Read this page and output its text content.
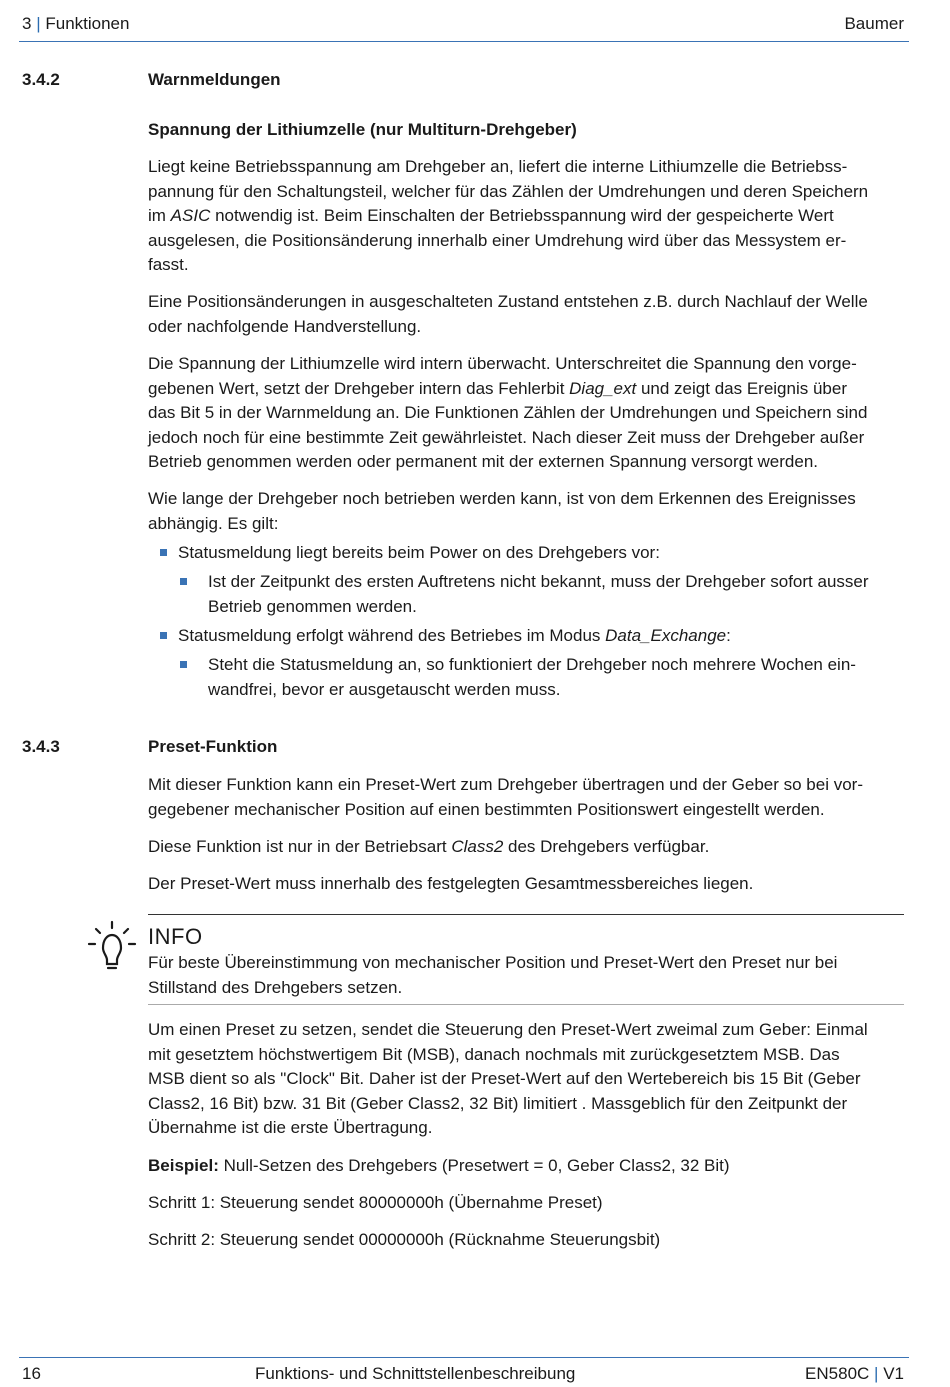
3 | Funktionen	Baumer
3.4.2	Warnmeldungen
Spannung der Lithiumzelle (nur Multiturn-Drehgeber)
Liegt keine Betriebsspannung am Drehgeber an, liefert die interne Lithiumzelle die Betriebss-
pannung für den Schaltungsteil, welcher für das Zählen der Umdrehungen und deren Speichern
im ASIC notwendig ist. Beim Einschalten der Betriebsspannung wird der gespeicherte Wert
ausgelesen, die Positionsänderung innerhalb einer Umdrehung wird über das Messystem er-
fasst.
Eine Positionsänderungen in ausgeschalteten Zustand entstehen z.B. durch Nachlauf der Welle
oder nachfolgende Handverstellung.
Die Spannung der Lithiumzelle wird intern überwacht. Unterschreitet die Spannung den vorge-
gebenen Wert, setzt der Drehgeber intern das Fehlerbit Diag_ext und zeigt das Ereignis über
das Bit 5 in der Warnmeldung an. Die Funktionen Zählen der Umdrehungen und Speichern sind
jedoch noch für eine bestimmte Zeit gewährleistet. Nach dieser Zeit muss der Drehgeber außer
Betrieb genommen werden oder permanent mit der externen Spannung versorgt werden.
Wie lange der Drehgeber noch betrieben werden kann, ist von dem Erkennen des Ereignisses
abhängig. Es gilt:
Statusmeldung liegt bereits beim Power on des Drehgebers vor:
Ist der Zeitpunkt des ersten Auftretens nicht bekannt, muss der Drehgeber sofort ausser
Betrieb genommen werden.
Statusmeldung erfolgt während des Betriebes im Modus Data_Exchange:
Steht die Statusmeldung an, so funktioniert der Drehgeber noch mehrere Wochen ein-
wandfrei, bevor er ausgetauscht werden muss.
3.4.3	Preset-Funktion
Mit dieser Funktion kann ein Preset-Wert zum Drehgeber übertragen und der Geber so bei vor-
gegebener mechanischer Position auf einen bestimmten Positionswert eingestellt werden.
Diese Funktion ist nur in der Betriebsart Class2 des Drehgebers verfügbar.
Der Preset-Wert muss innerhalb des festgelegten Gesamtmessbereiches liegen.
INFO
Für beste Übereinstimmung von mechanischer Position und Preset-Wert den Preset nur bei
Stillstand des Drehgebers setzen.
Um einen Preset zu setzen, sendet die Steuerung den Preset-Wert zweimal zum Geber: Einmal
mit gesetztem höchstwertigem Bit (MSB), danach nochmals mit zurückgesetztem MSB. Das
MSB dient so als "Clock" Bit. Daher ist der Preset-Wert auf den Wertebereich bis 15 Bit (Geber
Class2, 16 Bit) bzw. 31 Bit (Geber Class2, 32 Bit) limitiert . Massgeblich für den Zeitpunkt der
Übernahme ist die erste Übertragung.
Beispiel: Null-Setzen des Drehgebers (Presetwert = 0, Geber Class2, 32 Bit)
Schritt 1: Steuerung sendet 80000000h (Übernahme Preset)
Schritt 2: Steuerung sendet 00000000h (Rücknahme Steuerungsbit)
16	Funktions- und Schnittstellenbeschreibung	EN580C | V1
